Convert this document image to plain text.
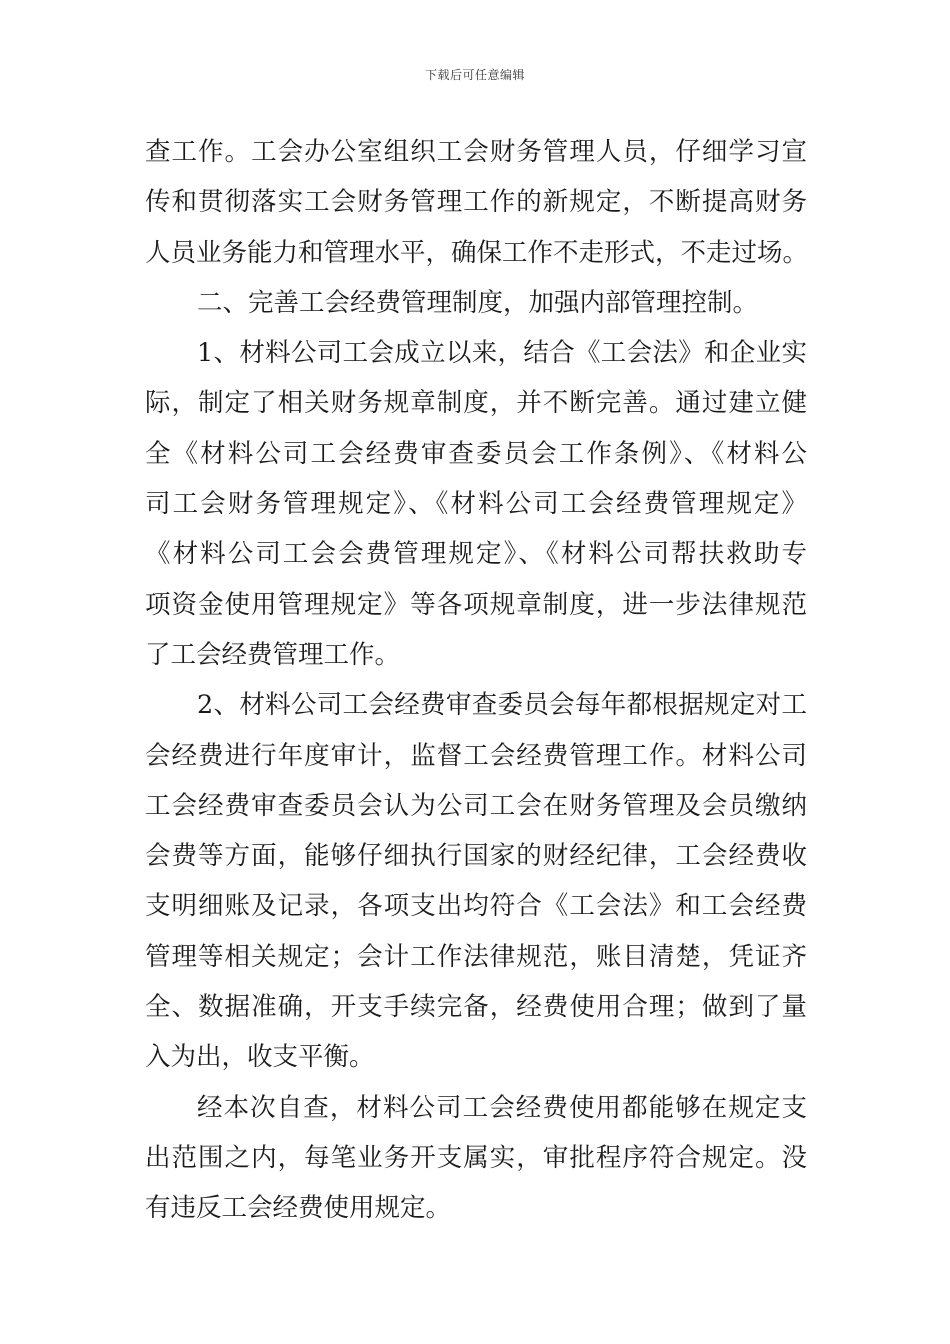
下载后可任意编辑
查工作。工会办公室组织工会财务管理人员，仔细学习宣
传和贯彻落实工会财务管理工作的新规定，不断提高财务
人员业务能力和管理水平，确保工作不走形式，不走过场。
二、完善工会经费管理制度，加强内部管理控制。
1、材料公司工会成立以来，结合《工会法》和企业实
际，制定了相关财务规章制度，并不断完善。通过建立健
全《材料公司工会经费审查委员会工作条例》、《材料公
司工会财务管理规定》、《材料公司工会经费管理规定》
《材料公司工会会费管理规定》、《材料公司帮扶救助专
项资金使用管理规定》等各项规章制度，进一步法律规范
了工会经费管理工作。
2、材料公司工会经费审查委员会每年都根据规定对工
会经费进行年度审计，监督工会经费管理工作。材料公司
工会经费审查委员会认为公司工会在财务管理及会员缴纳
会费等方面，能够仔细执行国家的财经纪律，工会经费收
支明细账及记录，各项支出均符合《工会法》和工会经费
管理等相关规定；会计工作法律规范，账目清楚，凭证齐
全、数据准确，开支手续完备，经费使用合理；做到了量
入为出，收支平衡。
经本次自查，材料公司工会经费使用都能够在规定支
出范围之内，每笔业务开支属实，审批程序符合规定。没
有违反工会经费使用规定。
